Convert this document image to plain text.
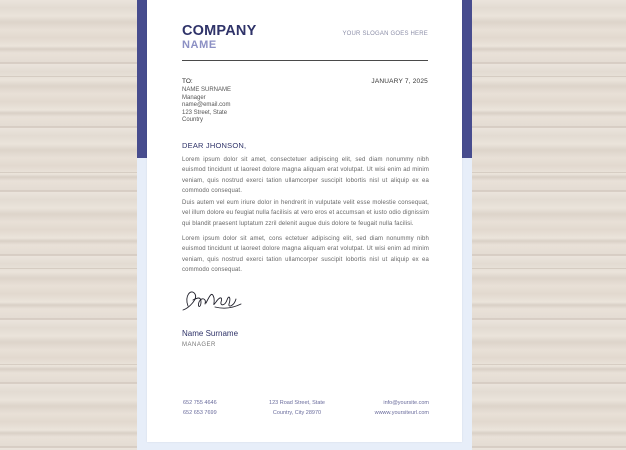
COMPANY
NAME
YOUR SLOGAN GOES HERE
TO:	JANUARY 7, 2025
NAME SURNAME
Manager
name@email.com
123 Street, State
Country
DEAR JHONSON,
Lorem ipsum dolor sit amet, consectetuer adipiscing elit, sed diam nonummy nibh euismod tincidunt ut laoreet dolore magna aliquam erat volutpat. Ut wisi enim ad minim veniam, quis nostrud exerci tation ullamcorper suscipit lobortis nisl ut aliquip ex ea commodo consequat.
Duis autem vel eum iriure dolor in hendrerit in vulputate velit esse molestie consequat, vel illum dolore eu feugiat nulla facilisis at vero eros et accumsan et iusto odio dignissim qui blandit praesent luptatum zzril delenit augue duis dolore te feugait nulla facilisi.
Lorem ipsum dolor sit amet, cons ectetuer adipiscing elit, sed diam nonummy nibh euismod tincidunt ut laoreet dolore magna aliquam erat volutpat. Ut wisi enim ad minim veniam, quis nostrud exerci tation ullamcorper suscipit lobortis nisl ut aliquip ex ea commodo consequat.
Name Surname
MANAGER
652 755 4646
652 653 7699
123 Road Street, State
Country, City 28970
info@yoursite.com
wwww.yoursiteurl.com
